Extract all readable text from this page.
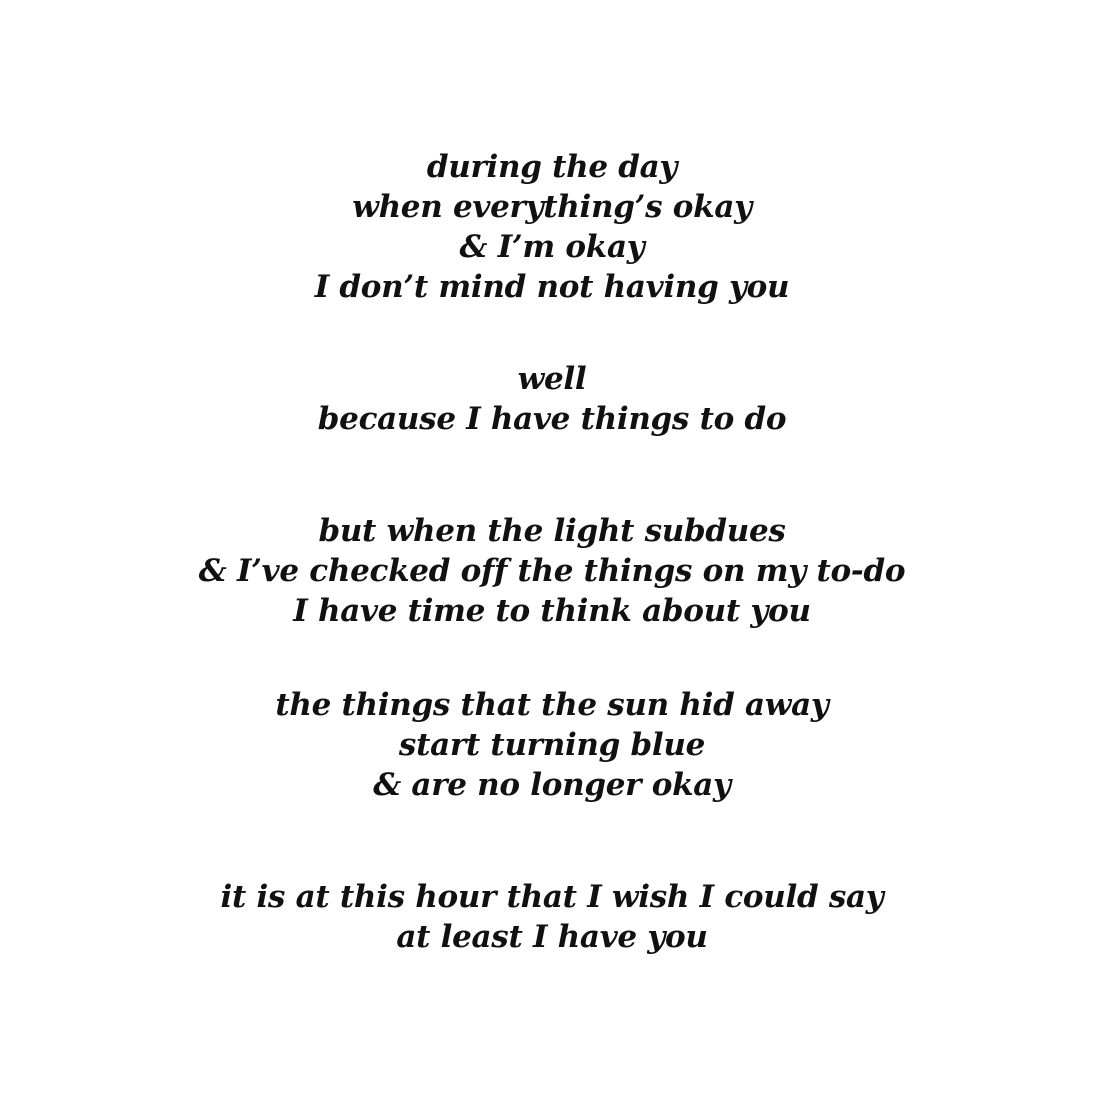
during the day
when everything’s okay
& I’m okay
I don’t mind not having you
well
because I have things to do
but when the light subdues
& I’ve checked off the things on my to-do
I have time to think about you
the things that the sun hid away
start turning blue
& are no longer okay
it is at this hour that I wish I could say
at least I have you
